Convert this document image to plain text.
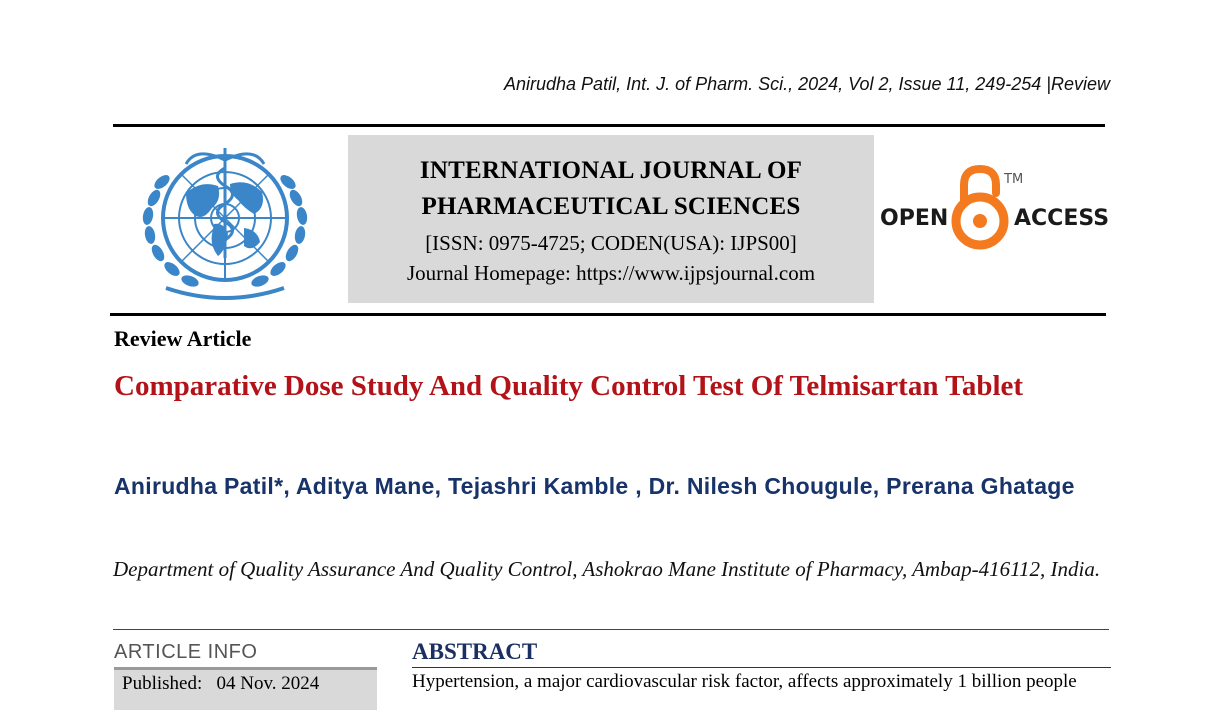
Anirudha Patil, Int. J. of Pharm. Sci., 2024, Vol 2, Issue 11, 249-254 |Review
INTERNATIONAL JOURNAL OF
PHARMACEUTICAL SCIENCES
[ISSN: 0975-4725; CODEN(USA): IJPS00]
Journal Homepage: https://www.ijpsjournal.com
OPEN	ACCESS
TM
Review Article
Comparative Dose Study And Quality Control Test Of Telmisartan Tablet
Anirudha Patil*, Aditya Mane, Tejashri Kamble , Dr. Nilesh Chougule, Prerana Ghatage
Department of Quality Assurance And Quality Control, Ashokrao Mane Institute of Pharmacy, Ambap-416112, India.
ARTICLE INFO
Published: 04 Nov. 2024
ABSTRACT
Hypertension, a major cardiovascular risk factor, affects approximately 1 billion people
